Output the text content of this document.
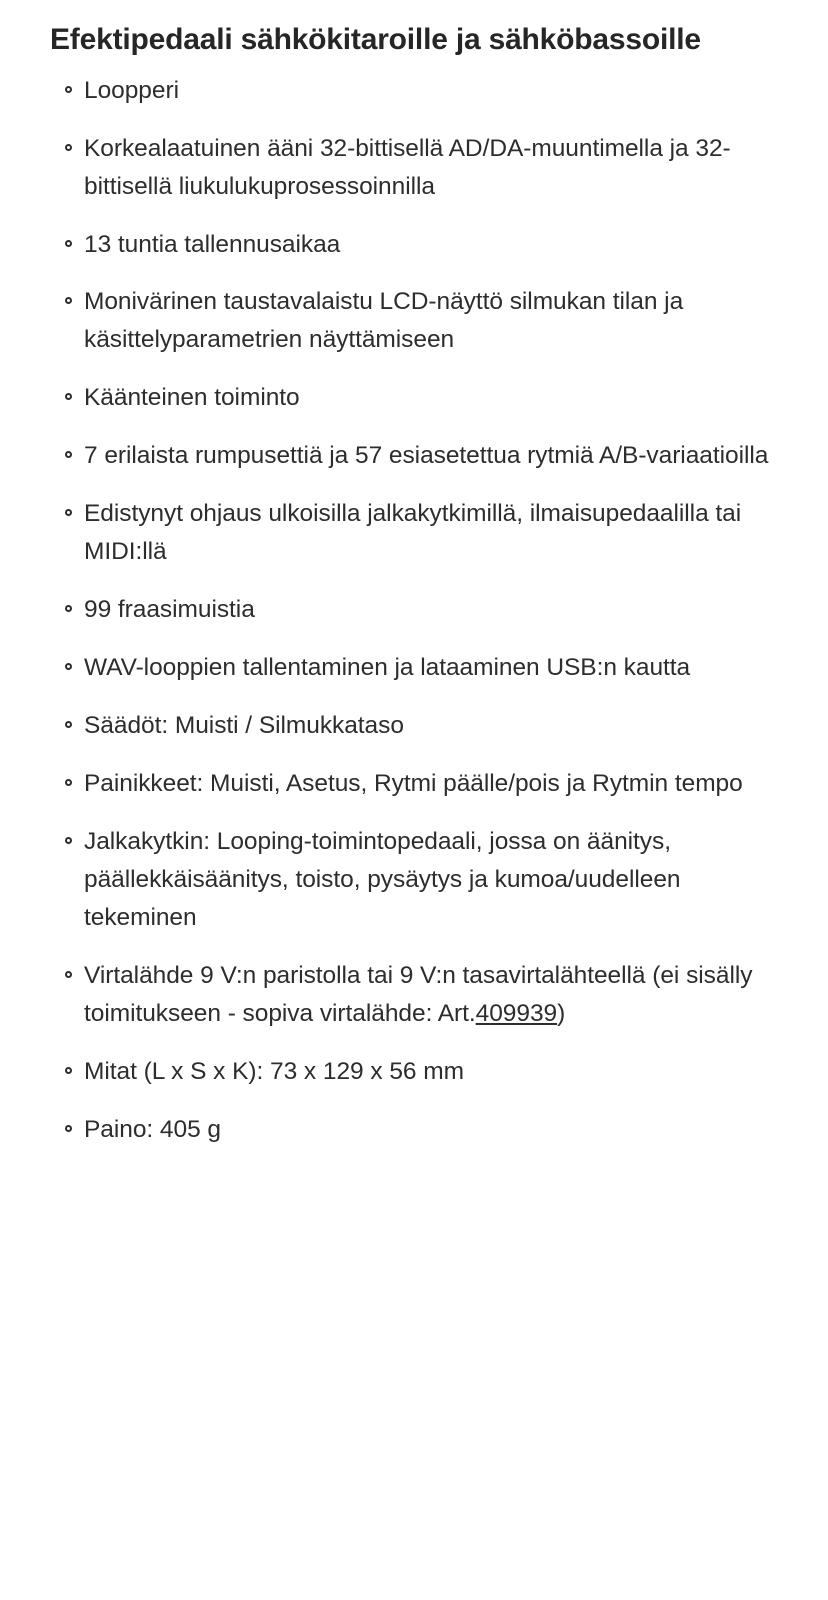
Efektipedaali sähkökitaroille ja sähköbassoille
Loopperi
Korkealaatuinen ääni 32-bittisellä AD/DA-muuntimella ja 32-bittisellä liukulukuprosessoinnilla
13 tuntia tallennusaikaa
Monivärinen taustavalaistu LCD-näyttö silmukan tilan ja käsittelyparametrien näyttämiseen
Käänteinen toiminto
7 erilaista rumpusettiä ja 57 esiasetettua rytmiä A/B-variaatioilla
Edistynyt ohjaus ulkoisilla jalkakytkimillä, ilmaisupedaalilla tai MIDI:llä
99 fraasimuistia
WAV-looppien tallentaminen ja lataaminen USB:n kautta
Säädöt: Muisti / Silmukkataso
Painikkeet: Muisti, Asetus, Rytmi päälle/pois ja Rytmin tempo
Jalkakytkin: Looping-toimintopedaali, jossa on äänitys, päällekkäisäänitys, toisto, pysäytys ja kumoa/uudelleen tekeminen
Virtalähde 9 V:n paristolla tai 9 V:n tasavirtalähteellä (ei sisälly toimitukseen - sopiva virtalähde: Art.409939)
Mitat (L x S x K): 73 x 129 x 56 mm
Paino: 405 g
